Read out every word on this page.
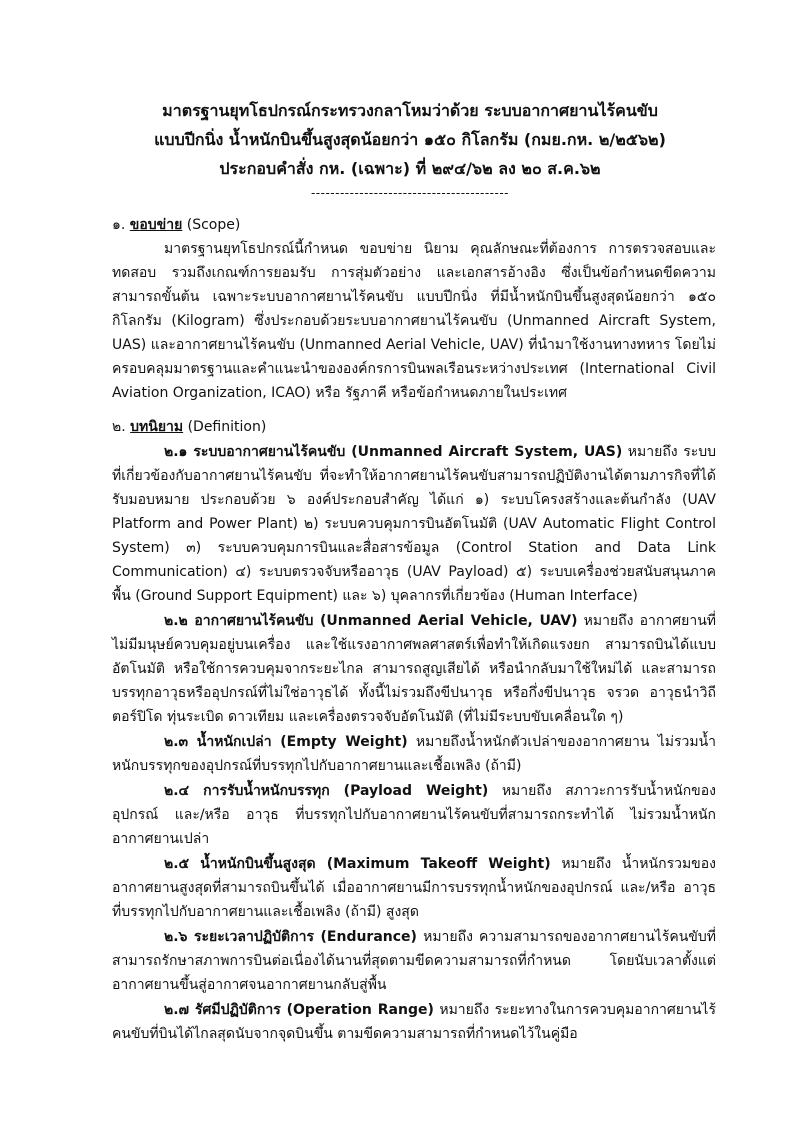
มาตรฐานยุทโธปกรณ์กระทรวงกลาโหมว่าด้วย ระบบอากาศยานไร้คนขับ
แบบปีกนิ่ง น้ำหนักบินขึ้นสูงสุดน้อยกว่า ๑๕๐ กิโลกรัม (กมย.กห. ๒/๒๕๖๒)
ประกอบคำสั่ง กห. (เฉพาะ) ที่ ๒๙๔/๖๒ ลง ๒๐ ส.ค.๖๒
-----------------------------------------
๑. ขอบข่าย (Scope)

มาตรฐานยุทโธปกรณ์นี้กำหนด ขอบข่าย นิยาม คุณลักษณะที่ต้องการ การตรวจสอบและทดสอบ รวมถึงเกณฑ์การยอมรับ การสุ่มตัวอย่าง และเอกสารอ้างอิง ซึ่งเป็นข้อกำหนดขีดความสามารถขั้นต้น เฉพาะระบบอากาศยานไร้คนขับ แบบปีกนิ่ง ที่มีน้ำหนักบินขึ้นสูงสุดน้อยกว่า ๑๕๐ กิโลกรัม (Kilogram) ซึ่งประกอบด้วยระบบอากาศยานไร้คนขับ (Unmanned Aircraft System, UAS) และอากาศยานไร้คนขับ (Unmanned Aerial Vehicle, UAV) ที่นำมาใช้งานทางทหาร โดยไม่ครอบคลุมมาตรฐานและคำแนะนำขององค์กรการบินพลเรือนระหว่างประเทศ (International Civil Aviation Organization, ICAO) หรือ รัฐภาคี หรือข้อกำหนดภายในประเทศ

๒. บทนิยาม (Definition)

๒.๑ ระบบอากาศยานไร้คนขับ (Unmanned Aircraft System, UAS) หมายถึง ระบบที่เกี่ยวข้องกับอากาศยานไร้คนขับ ที่จะทำให้อากาศยานไร้คนขับสามารถปฏิบัติงานได้ตามภารกิจที่ได้รับมอบหมาย ประกอบด้วย ๖ องค์ประกอบสำคัญ ได้แก่ ๑) ระบบโครงสร้างและต้นกำลัง (UAV Platform and Power Plant) ๒) ระบบควบคุมการบินอัตโนมัติ (UAV Automatic Flight Control System) ๓) ระบบควบคุมการบินและสื่อสารข้อมูล (Control Station and Data Link Communication) ๔) ระบบตรวจจับหรืออาวุธ (UAV Payload) ๕) ระบบเครื่องช่วยสนับสนุนภาคพื้น (Ground Support Equipment) และ ๖) บุคลากรที่เกี่ยวข้อง (Human Interface)

๒.๒ อากาศยานไร้คนขับ (Unmanned Aerial Vehicle, UAV) หมายถึง อากาศยานที่ไม่มีมนุษย์ควบคุมอยู่บนเครื่อง และใช้แรงอากาศพลศาสตร์เพื่อทำให้เกิดแรงยก สามารถบินได้แบบอัตโนมัติ หรือใช้การควบคุมจากระยะไกล สามารถสูญเสียได้ หรือนำกลับมาใช้ใหม่ได้ และสามารถบรรทุกอาวุธหรืออุปกรณ์ที่ไม่ใช่อาวุธได้ ทั้งนี้ไม่รวมถึงขีปนาวุธ หรือกึ่งขีปนาวุธ จรวด อาวุธนำวิถี ตอร์ปิโด ทุ่นระเบิด ดาวเทียม และเครื่องตรวจจับอัตโนมัติ (ที่ไม่มีระบบขับเคลื่อนใด ๆ)

๒.๓ น้ำหนักเปล่า (Empty Weight) หมายถึงน้ำหนักตัวเปล่าของอากาศยาน ไม่รวมน้ำหนักบรรทุกของอุปกรณ์ที่บรรทุกไปกับอากาศยานและเชื้อเพลิง (ถ้ามี)

๒.๔ การรับน้ำหนักบรรทุก (Payload Weight) หมายถึง สภาวะการรับน้ำหนักของอุปกรณ์ และ/หรือ อาวุธ ที่บรรทุกไปกับอากาศยานไร้คนขับที่สามารถกระทำได้ ไม่รวมน้ำหนักอากาศยานเปล่า

๒.๕ น้ำหนักบินขึ้นสูงสุด (Maximum Takeoff Weight) หมายถึง น้ำหนักรวมของอากาศยานสูงสุดที่สามารถบินขึ้นได้ เมื่ออากาศยานมีการบรรทุกน้ำหนักของอุปกรณ์ และ/หรือ อาวุธ ที่บรรทุกไปกับอากาศยานและเชื้อเพลิง (ถ้ามี) สูงสุด

๒.๖ ระยะเวลาปฏิบัติการ (Endurance) หมายถึง ความสามารถของอากาศยานไร้คนขับที่สามารถรักษาสภาพการบินต่อเนื่องได้นานที่สุดตามขีดความสามารถที่กำหนด โดยนับเวลาตั้งแต่อากาศยานขึ้นสู่อากาศจนอากาศยานกลับสู่พื้น

๒.๗ รัศมีปฏิบัติการ (Operation Range) หมายถึง ระยะทางในการควบคุมอากาศยานไร้คนขับที่บินได้ไกลสุดนับจากจุดบินขึ้น ตามขีดความสามารถที่กำหนดไว้ในคู่มือ
